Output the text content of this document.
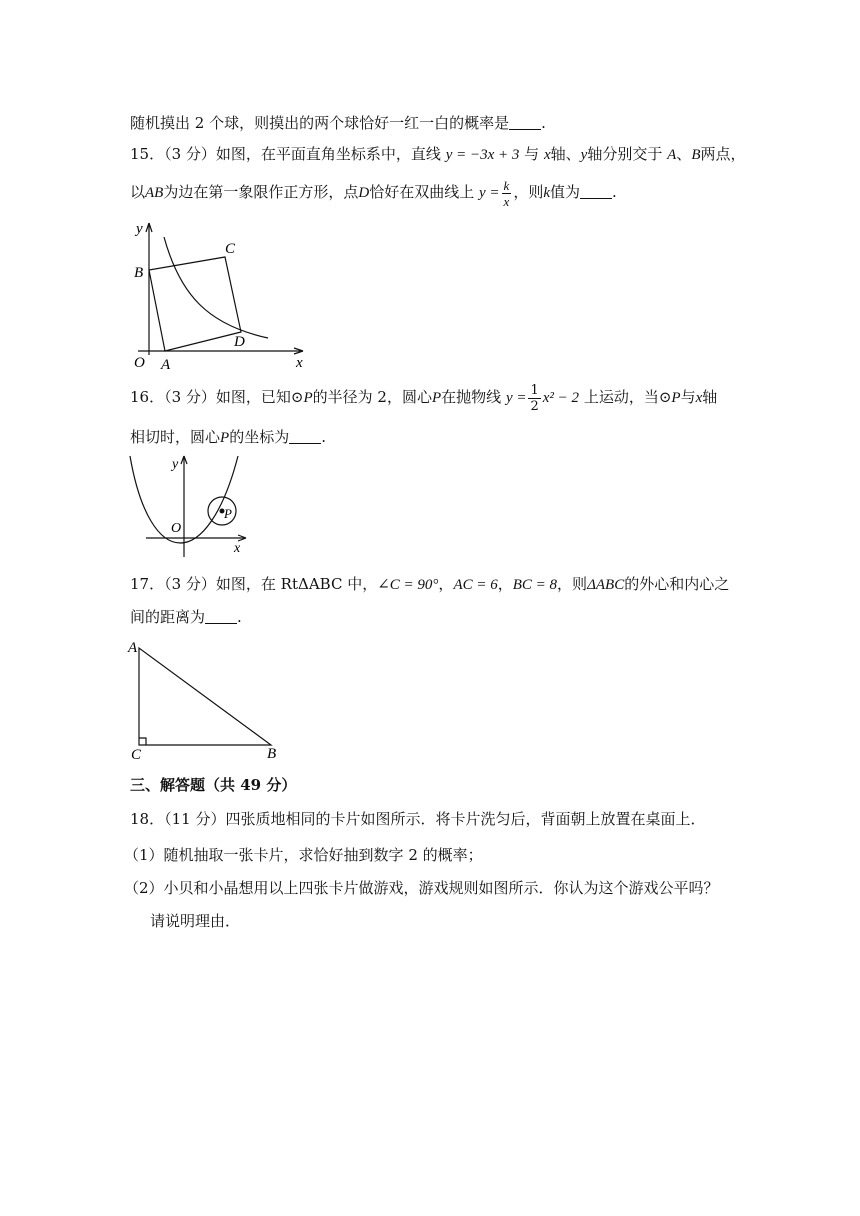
随机摸出 2 个球，则摸出的两个球恰好一红一白的概率是 .
15．（3 分）如图，在平面直角坐标系中，直线 y = −3x + 3 与 x轴、y轴分别交于 A、B两点，
以AB为边在第一象限作正方形，点D恰好在双曲线上 $y = \frac{k}{x}$ ，则k值为 .
y
x
O A
B
C
D
16．（3 分）如图，已知⊙P的半径为 2，圆心P在抛物线 $y = \frac{1}{2} x^2 - 2$ 上运动，当⊙P与x轴
相切时，圆心P的坐标为 .
y
x
O
P
17．（3 分）如图，在 RtΔABC 中，∠C = 90°，AC = 6，BC = 8，则ΔABC的外心和内心之
间的距离为 .
A
C	B
三、解答题（共 49 分）
18．（11 分）四张质地相同的卡片如图所示．将卡片洗匀后，背面朝上放置在桌面上．
（1）随机抽取一张卡片，求恰好抽到数字 2 的概率；
（2）小贝和小晶想用以上四张卡片做游戏，游戏规则如图所示．你认为这个游戏公平吗？
请说明理由．
